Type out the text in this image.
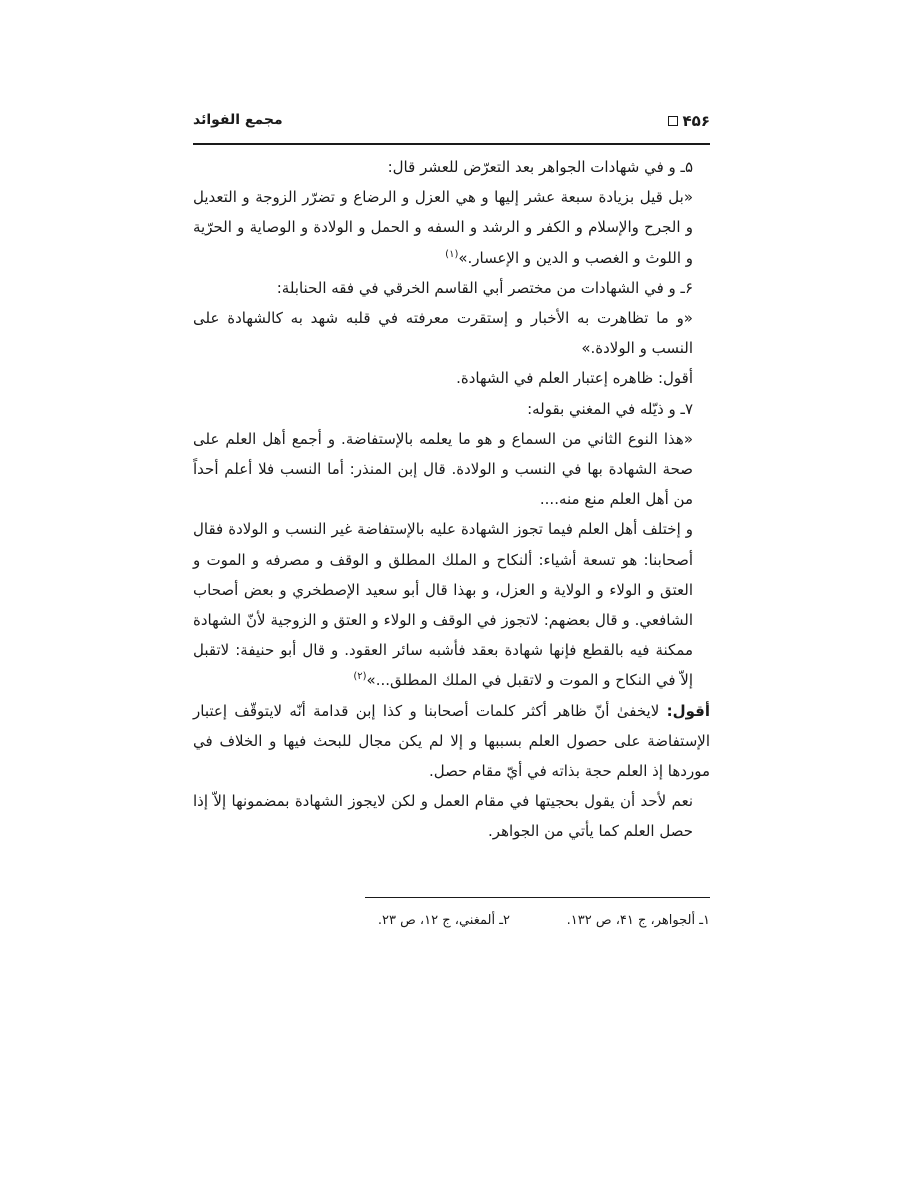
۴۵۶
مجمع الفوائد

۵ـ و في شهادات الجواهر بعد التعرّض للعشر قال:

«بل قيل بزيادة سبعة عشر إليها و هي العزل و الرضاع و تضرّر الزوجة و التعديل و الجرح والإسلام و الكفر و الرشد و السفه و الحمل و الولادة و الوصاية و الحرّية و اللوث و الغصب و الدين و الإعسار.»$^{(۱)}$

۶ـ و في الشهادات من مختصر أبي القاسم الخرقي في فقه الحنابلة:

«و ما تظاهرت به الأخبار و إستقرت معرفته في قلبه شهد به كالشهادة على النسب و الولادة.»

أقول: ظاهره إعتبار العلم في الشهادة.

۷ـ و ذيّله في المغني بقوله:

«هذا النوع الثاني من السماع و هو ما يعلمه بالإستفاضة. و أجمع أهل العلم على صحة الشهادة بها في النسب و الولادة. قال إبن المنذر: أما النسب فلا أعلم أحداً من أهل العلم منع منه....

و إختلف أهل العلم فيما تجوز الشهادة عليه بالإستفاضة غير النسب و الولادة فقال أصحابنا: هو تسعة أشياء: ألنكاح و الملك المطلق و الوقف و مصرفه و الموت و العتق و الولاء و الولاية و العزل، و بهذا قال أبو سعيد الإصطخري و بعض أصحاب الشافعي. و قال بعضهم: لاتجوز في الوقف و الولاء و العتق و الزوجية لأنّ الشهادة ممكنة فيه بالقطع فإنها شهادة بعقد فأشبه سائر العقود. و قال أبو حنيفة: لاتقبل إلاّ في النكاح و الموت و لاتقبل في الملك المطلق...»$^{(۲)}$

أقول: لايخفىٰ أنّ ظاهر أكثر كلمات أصحابنا و كذا إبن قدامة أنّه لايتوقّف إعتبار الإستفاضة على حصول العلم بسببها و إلا لم يكن مجال للبحث فيها و الخلاف في موردها إذ العلم حجة بذاته في أيّ مقام حصل.

نعم لأحد أن يقول بحجيتها في مقام العمل و لكن لايجوز الشهادة بمضمونها إلاّ إذا حصل العلم كما يأتي من الجواهر.

۱ـ ألجواهر، ج ۴۱، ص ۱۳۲.
۲ـ ألمغني، ج ۱۲، ص ۲۳.
